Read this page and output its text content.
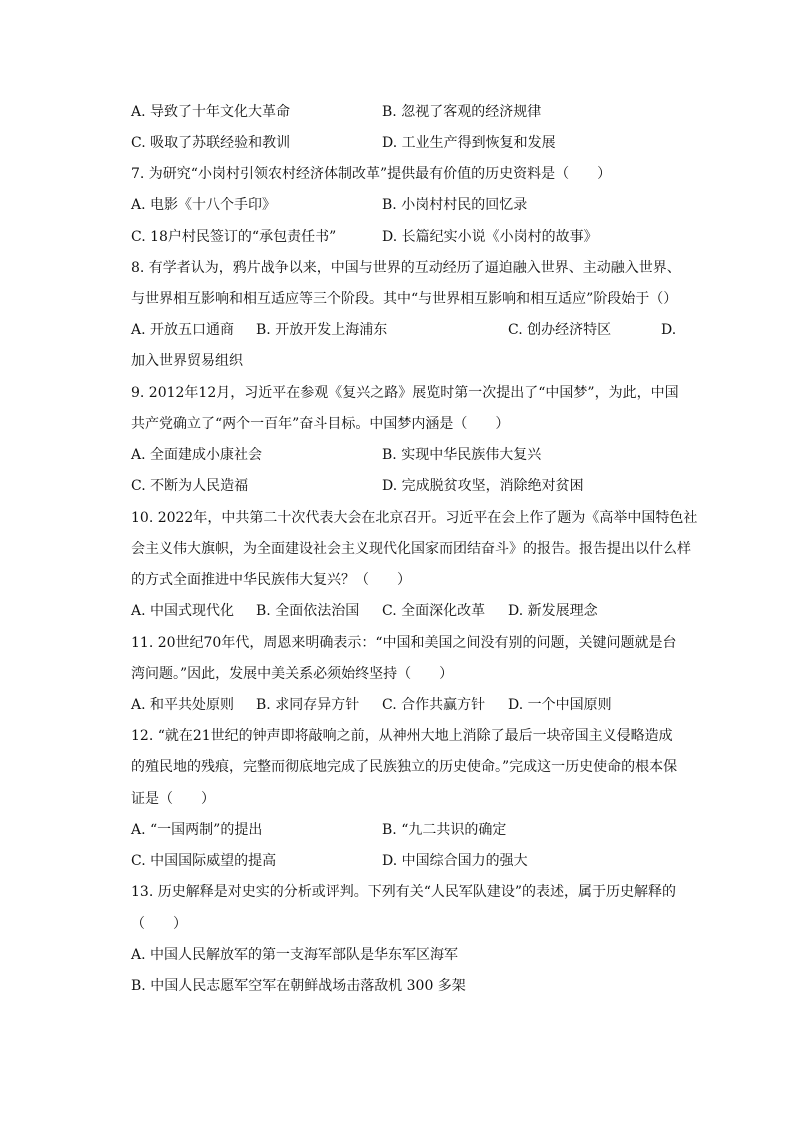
A. 导致了十年文化大革命	B. 忽视了客观的经济规律
C. 吸取了苏联经验和教训	D. 工业生产得到恢复和发展
7. 为研究“小岗村引领农村经济体制改革”提供最有价值的历史资料是（　　）
A. 电影《十八个手印》	B. 小岗村村民的回忆录
C. 18户村民签订的“承包责任书”	D. 长篇纪实小说《小岗村的故事》
8. 有学者认为，鸦片战争以来，中国与世界的互动经历了逼迫融入世界、主动融入世界、
与世界相互影响和相互适应等三个阶段。其中“与世界相互影响和相互适应”阶段始于（）
A. 开放五口通商 B. 开放开发上海浦东	C. 创办经济特区	D.
加入世界贸易组织
9. 2012年12月，习近平在参观《复兴之路》展览时第一次提出了“中国梦”，为此，中国
共产党确立了“两个一百年”奋斗目标。中国梦内涵是（　　）
A. 全面建成小康社会	B. 实现中华民族伟大复兴
C. 不断为人民造福	D. 完成脱贫攻坚，消除绝对贫困
10. 2022年，中共第二十次代表大会在北京召开。习近平在会上作了题为《高举中国特色社
会主义伟大旗帜，为全面建设社会主义现代化国家而团结奋斗》的报告。报告提出以什么样
的方式全面推进中华民族伟大复兴？（　　）
A. 中国式现代化 B. 全面依法治国 C. 全面深化改革 D. 新发展理念
11. 20世纪70年代，周恩来明确表示：“中国和美国之间没有别的问题，关键问题就是台
湾问题。”因此，发展中美关系必须始终坚持（　　）
A. 和平共处原则 B. 求同存异方针 C. 合作共赢方针 D. 一个中国原则
12. “就在21世纪的钟声即将敲响之前，从神州大地上消除了最后一块帝国主义侵略造成
的殖民地的残痕，完整而彻底地完成了民族独立的历史使命。”完成这一历史使命的根本保
证是（　　）
A. “一国两制”的提出	B. “九二共识的确定
C. 中国国际威望的提高	D. 中国综合国力的强大
13. 历史解释是对史实的分析或评判。下列有关“人民军队建设”的表述，属于历史解释的
（　　）
A. 中国人民解放军的第一支海军部队是华东军区海军
B. 中国人民志愿军空军在朝鲜战场击落敌机 300 多架
